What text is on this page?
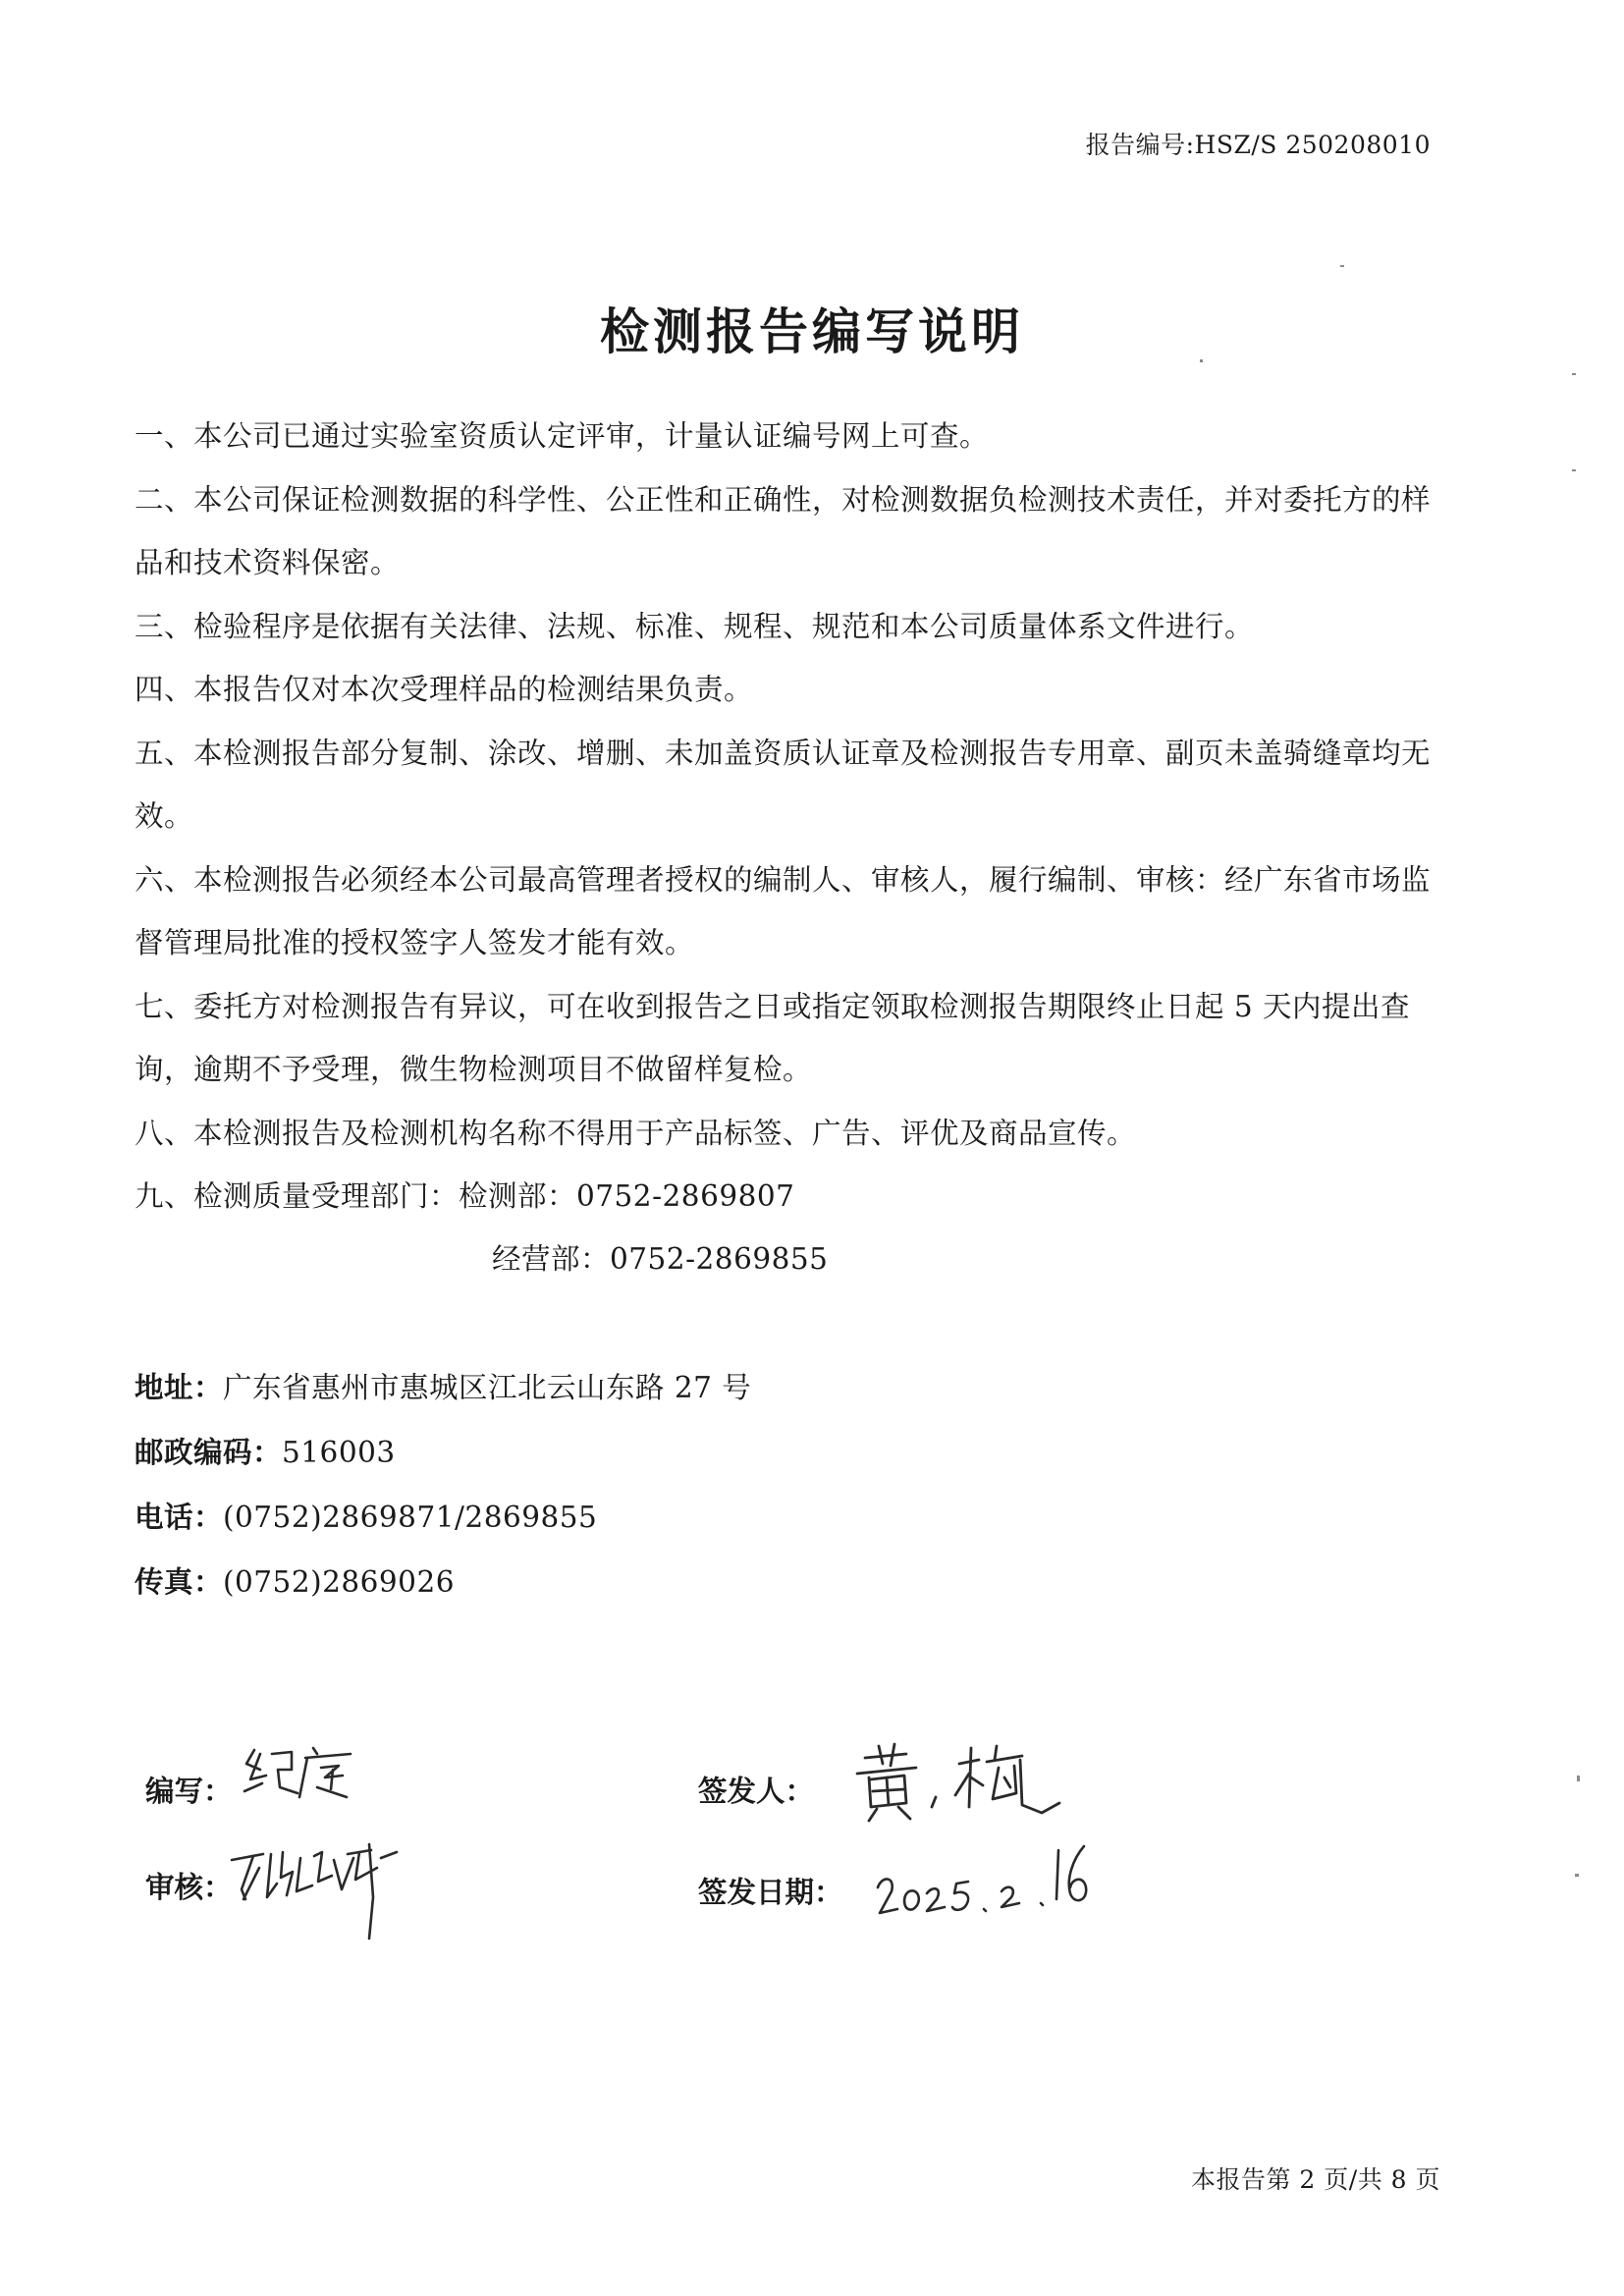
报告编号:HSZ/S 250208010
检测报告编写说明

一、本公司已通过实验室资质认定评审，计量认证编号网上可查。

二、本公司保证检测数据的科学性、公正性和正确性，对检测数据负检测技术责任，并对委托方的样品和技术资料保密。

三、检验程序是依据有关法律、法规、标准、规程、规范和本公司质量体系文件进行。

四、本报告仅对本次受理样品的检测结果负责。

五、本检测报告部分复制、涂改、增删、未加盖资质认证章及检测报告专用章、副页未盖骑缝章均无效。

六、本检测报告必须经本公司最高管理者授权的编制人、审核人，履行编制、审核：经广东省市场监督管理局批准的授权签字人签发才能有效。

七、委托方对检测报告有异议，可在收到报告之日或指定领取检测报告期限终止日起 5 天内提出查询，逾期不予受理，微生物检测项目不做留样复检。

八、本检测报告及检测机构名称不得用于产品标签、广告、评优及商品宣传。

九、检测质量受理部门：检测部：0752-2869807

经营部：0752-2869855
地址：广东省惠州市惠城区江北云山东路 27 号
邮政编码：516003
电话：(0752)2869871/2869855
传真：(0752)2869026
编写：
审核：
签发人：
签发日期：
本报告第 2 页/共 8 页
